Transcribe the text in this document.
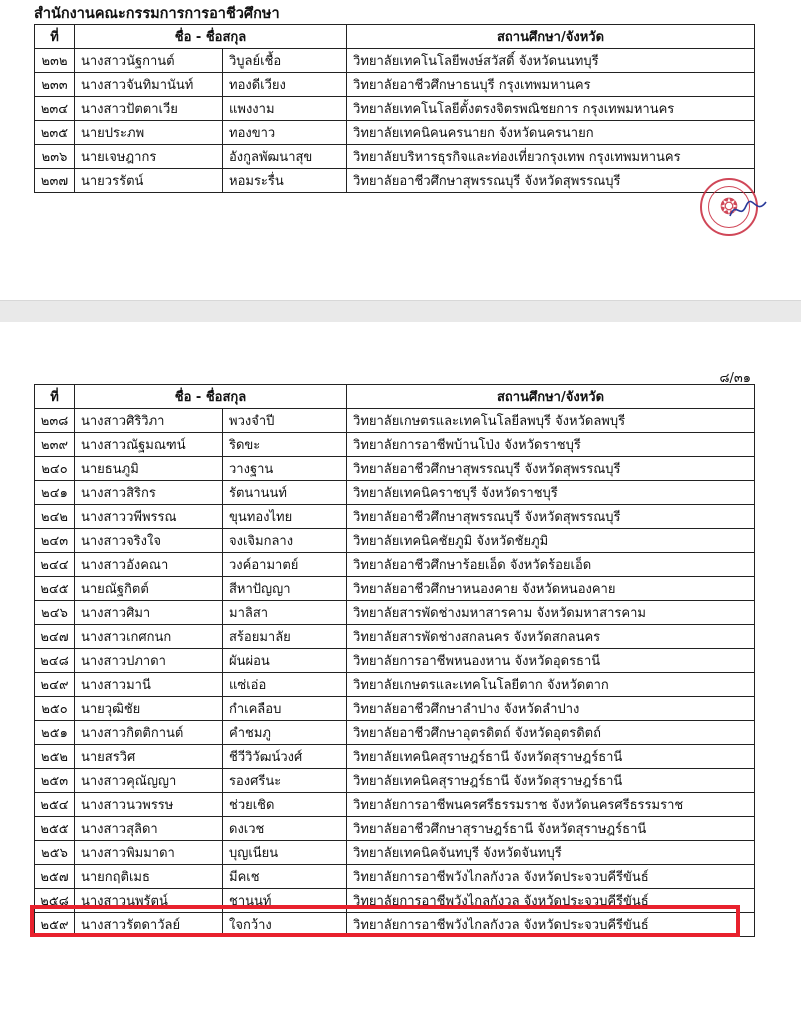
สำนักงานคณะกรรมการการอาชีวศึกษา
ที่	ชื่อ - ชื่อสกุล		สถานศึกษา/จังหวัด
๒๓๒	นางสาวนัฐกานต์	วิบูลย์เชื้อ	วิทยาลัยเทคโนโลยีพงษ์สวัสดิ์ จังหวัดนนทบุรี
๒๓๓	นางสาวจันทิมานันท์	ทองดีเวียง	วิทยาลัยอาชีวศึกษาธนบุรี กรุงเทพมหานคร
๒๓๔	นางสาวปัตตาเวีย	แพงงาม	วิทยาลัยเทคโนโลยีตั้งตรงจิตรพณิชยการ กรุงเทพมหานคร
๒๓๕	นายประภพ	ทองขาว	วิทยาลัยเทคนิคนครนายก จังหวัดนครนายก
๒๓๖	นายเจษฎากร	อังกูลพัฒนาสุข	วิทยาลัยบริหารธุรกิจและท่องเที่ยวกรุงเทพ กรุงเทพมหานคร
๒๓๗	นายวรรัตน์	หอมระรื่น	วิทยาลัยอาชีวศึกษาสุพรรณบุรี จังหวัดสุพรรณบุรี
❂
๘/๓๑
ที่	ชื่อ - ชื่อสกุล		สถานศึกษา/จังหวัด
๒๓๘	นางสาวศิริวิภา	พวงจำปี	วิทยาลัยเกษตรและเทคโนโลยีลพบุรี จังหวัดลพบุรี
๒๓๙	นางสาวณัฐมณฑน์	ริดขะ	วิทยาลัยการอาชีพบ้านโป่ง จังหวัดราชบุรี
๒๔๐	นายธนภูมิ	วางฐาน	วิทยาลัยอาชีวศึกษาสุพรรณบุรี จังหวัดสุพรรณบุรี
๒๔๑	นางสาวสิริกร	รัตนานนท์	วิทยาลัยเทคนิคราชบุรี จังหวัดราชบุรี
๒๔๒	นางสาววพีพรรณ	ขุนทองไทย	วิทยาลัยอาชีวศึกษาสุพรรณบุรี จังหวัดสุพรรณบุรี
๒๔๓	นางสาวจริงใจ	จงเจิมกลาง	วิทยาลัยเทคนิคชัยภูมิ จังหวัดชัยภูมิ
๒๔๔	นางสาวอังคณา	วงค์อามาตย์	วิทยาลัยอาชีวศึกษาร้อยเอ็ด จังหวัดร้อยเอ็ด
๒๔๕	นายณัฐกิตต์	สีหาปัญญา	วิทยาลัยอาชีวศึกษาหนองคาย จังหวัดหนองคาย
๒๔๖	นางสาวศิมา	มาลิสา	วิทยาลัยสารพัดช่างมหาสารคาม จังหวัดมหาสารคาม
๒๔๗	นางสาวเกศกนก	สร้อยมาลัย	วิทยาลัยสารพัดช่างสกลนคร จังหวัดสกลนคร
๒๔๘	นางสาวปภาดา	ผันผ่อน	วิทยาลัยการอาชีพหนองหาน จังหวัดอุดรธานี
๒๔๙	นางสาวมานี	แซ่เอ่อ	วิทยาลัยเกษตรและเทคโนโลยีตาก จังหวัดตาก
๒๕๐	นายวุฒิชัย	กำเคลือบ	วิทยาลัยอาชีวศึกษาลำปาง จังหวัดลำปาง
๒๕๑	นางสาวกิตติกานต์	คำชมภู	วิทยาลัยอาชีวศึกษาอุตรดิตถ์ จังหวัดอุตรดิตถ์
๒๕๒	นายสรวิศ	ชีวีวิวัฒน์วงศ์	วิทยาลัยเทคนิคสุราษฎร์ธานี จังหวัดสุราษฎร์ธานี
๒๕๓	นางสาวคุณัญญา	รองศรีนะ	วิทยาลัยเทคนิคสุราษฎร์ธานี จังหวัดสุราษฎร์ธานี
๒๕๔	นางสาวนวพรรษ	ช่วยเชิด	วิทยาลัยการอาชีพนครศรีธรรมราช จังหวัดนครศรีธรรมราช
๒๕๕	นางสาวสุลิดา	ดงเวช	วิทยาลัยอาชีวศึกษาสุราษฎร์ธานี จังหวัดสุราษฎร์ธานี
๒๕๖	นางสาวพิมมาดา	บุญเนียน	วิทยาลัยเทคนิคจันทบุรี จังหวัดจันทบุรี
๒๕๗	นายกฤติเมธ	มีคเช	วิทยาลัยการอาชีพวังไกลกังวล จังหวัดประจวบคีรีขันธ์
๒๕๘	นางสาวนพรัตน์	ชานนท์	วิทยาลัยการอาชีพวังไกลกังวล จังหวัดประจวบคีรีขันธ์
๒๕๙	นางสาวรัตดาวัลย์	ใจกว้าง	วิทยาลัยการอาชีพวังไกลกังวล จังหวัดประจวบคีรีขันธ์
